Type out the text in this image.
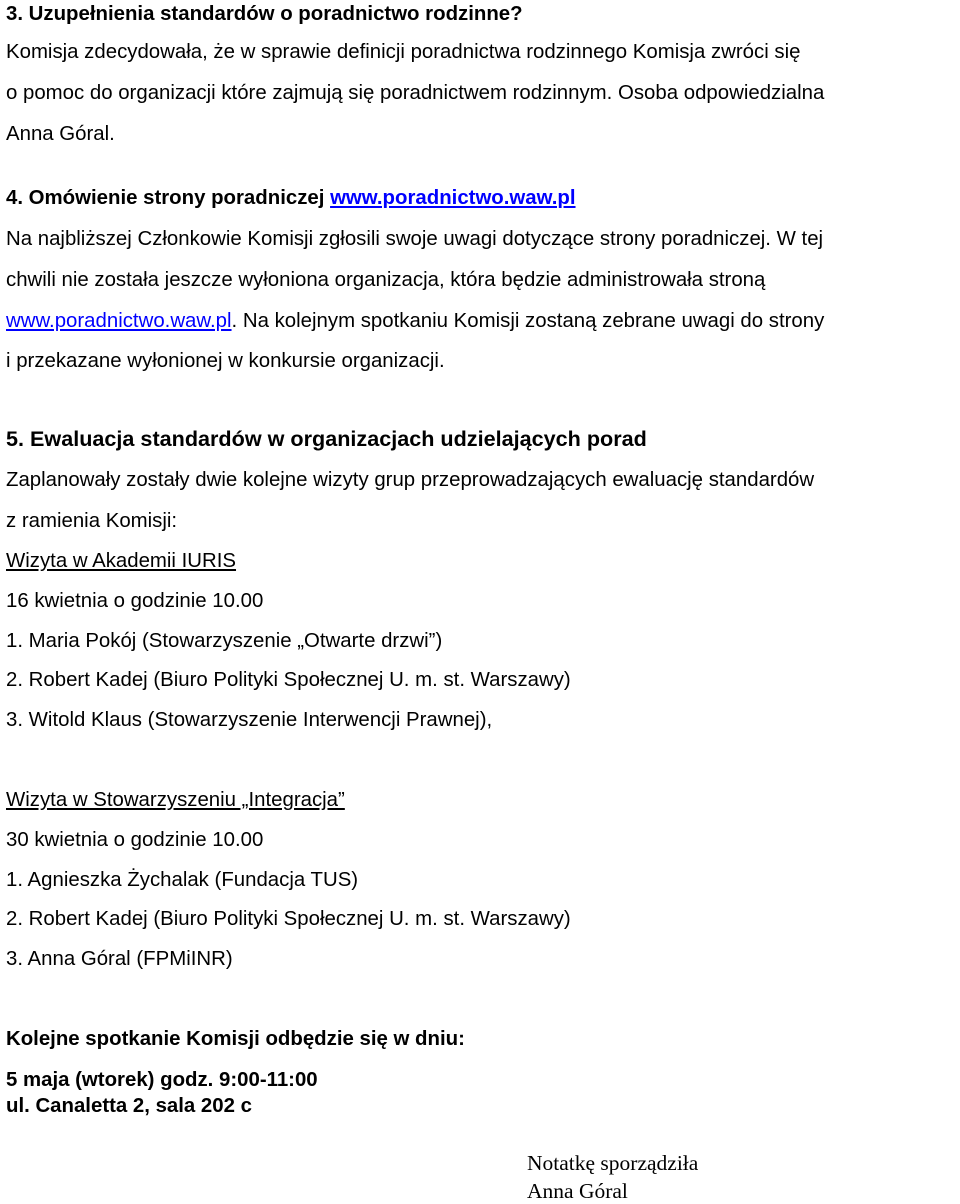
3. Uzupełnienia standardów o poradnictwo rodzinne?

Komisja zdecydowała, że w sprawie definicji poradnictwa rodzinnego Komisja zwróci się

o pomoc do organizacji które zajmują się poradnictwem rodzinnym. Osoba odpowiedzialna

Anna Góral.

4. Omówienie strony poradniczej www.poradnictwo.waw.pl

Na najbliższej Członkowie Komisji zgłosili swoje uwagi dotyczące strony poradniczej. W tej

chwili nie została jeszcze wyłoniona organizacja, która będzie administrowała stroną

www.poradnictwo.waw.pl. Na kolejnym spotkaniu Komisji zostaną zebrane uwagi do strony

i przekazane wyłonionej w konkursie organizacji.

5. Ewaluacja standardów w organizacjach udzielających porad

Zaplanowały zostały dwie kolejne wizyty grup przeprowadzających ewaluację standardów

z ramienia Komisji:

Wizyta w Akademii IURIS

16 kwietnia o godzinie 10.00

1. Maria Pokój (Stowarzyszenie „Otwarte drzwi”)

2. Robert Kadej (Biuro Polityki Społecznej U. m. st. Warszawy)

3. Witold Klaus (Stowarzyszenie Interwencji Prawnej),

Wizyta w Stowarzyszeniu „Integracja”

30 kwietnia o godzinie 10.00

1. Agnieszka Żychalak (Fundacja TUS)

2. Robert Kadej (Biuro Polityki Społecznej U. m. st. Warszawy)

3. Anna Góral (FPMiINR)

Kolejne spotkanie Komisji odbędzie się w dniu:

5 maja (wtorek) godz. 9:00-11:00

ul. Canaletta 2, sala 202 c

Notatkę sporządziła

Anna Góral
